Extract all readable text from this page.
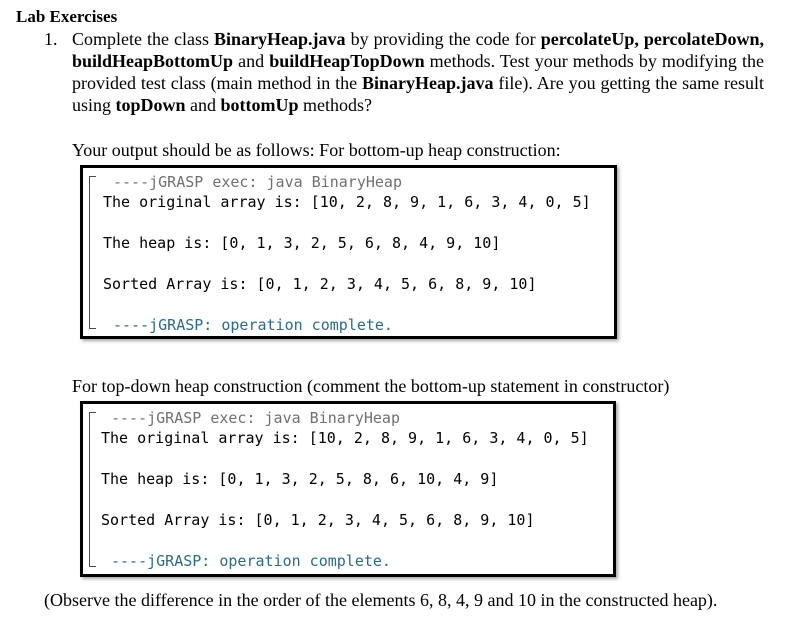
Lab Exercises
1. Complete the class BinaryHeap.java by providing the code for percolateUp, percolateDown, buildHeapBottomUp and buildHeapTopDown methods. Test your methods by modifying the provided test class (main method in the BinaryHeap.java file). Are you getting the same result using topDown and bottomUp methods?
Your output should be as follows: For bottom-up heap construction:
----jGRASP exec: java BinaryHeap
The original array is: [10, 2, 8, 9, 1, 6, 3, 4, 0, 5]
The heap is: [0, 1, 3, 2, 5, 6, 8, 4, 9, 10]
Sorted Array is: [0, 1, 2, 3, 4, 5, 6, 8, 9, 10]
----jGRASP: operation complete.
For top-down heap construction (comment the bottom-up statement in constructor)
----jGRASP exec: java BinaryHeap
The original array is: [10, 2, 8, 9, 1, 6, 3, 4, 0, 5]
The heap is: [0, 1, 3, 2, 5, 8, 6, 10, 4, 9]
Sorted Array is: [0, 1, 2, 3, 4, 5, 6, 8, 9, 10]
----jGRASP: operation complete.
(Observe the difference in the order of the elements 6, 8, 4, 9 and 10 in the constructed heap).
